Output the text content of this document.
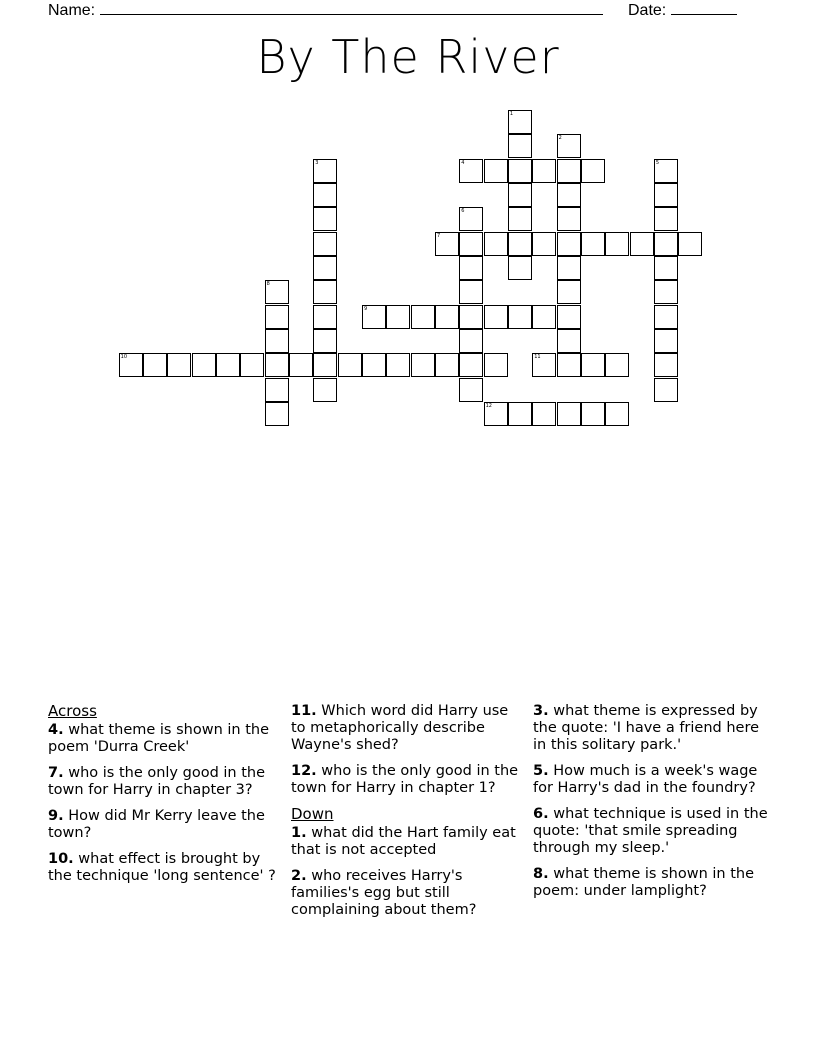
Name:	Date:
By The River
1
2
3	4	5
6
7
8
9
10	11
12
Across
4. what theme is shown in the poem 'Durra Creek'
7. who is the only good in the town for Harry in chapter 3?
9. How did Mr Kerry leave the town?
10. what effect is brought by the technique 'long sentence' ?
11. Which word did Harry use to metaphorically describe Wayne's shed?
12. who is the only good in the town for Harry in chapter 1?
Down
1. what did the Hart family eat that is not accepted
2. who receives Harry's families's egg but still complaining about them?
3. what theme is expressed by the quote: 'I have a friend here in this solitary park.'
5. How much is a week's wage for Harry's dad in the foundry?
6. what technique is used in the quote: 'that smile spreading through my sleep.'
8. what theme is shown in the poem: under lamplight?
